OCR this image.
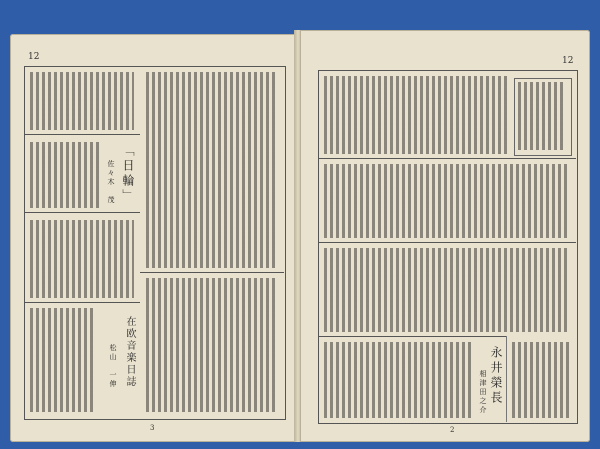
12
「日輪」
佐々木　茂
在欧音楽日誌
松山　一伸
3
12
永井榮長
相津田之介
2
